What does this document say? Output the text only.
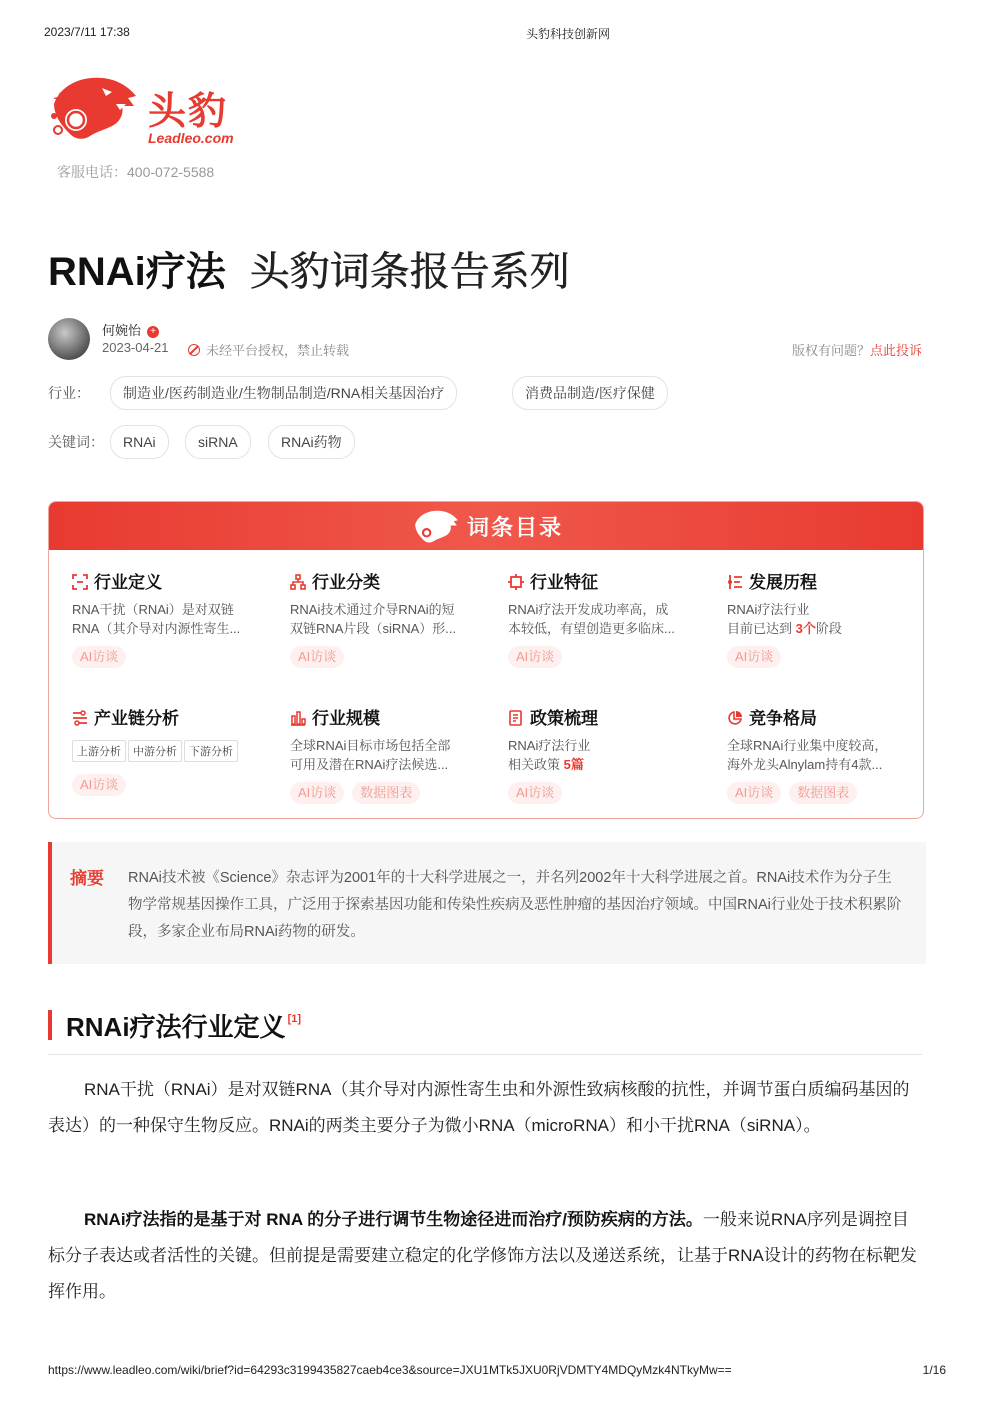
2023/7/11 17:38	头豹科技创新网
头豹
Leadleo.com
客服电话：400-072-5588
RNAi疗法 头豹词条报告系列
何婉怡 +
2023-04-21	未经平台授权，禁止转载	版权有问题？点此投诉
行业：	制造业/医药制造业/生物制品制造/RNA相关基因治疗	消费品制造/医疗保健
关键词：	RNAi	siRNA	RNAi药物
词条目录
行业定义
RNA干扰（RNAi）是对双链
RNA（其介导对内源性寄生...
AI访谈
行业分类
RNAi技术通过介导RNAi的短
双链RNA片段（siRNA）形...
AI访谈
行业特征
RNAi疗法开发成功率高，成
本较低，有望创造更多临床...
AI访谈
发展历程
RNAi疗法行业
目前已达到 3个阶段
AI访谈
产业链分析
上游分析 中游分析 下游分析
AI访谈
行业规模
全球RNAi目标市场包括全部
可用及潜在RNAi疗法候选...
AI访谈 数据图表
政策梳理
RNAi疗法行业
相关政策 5篇
AI访谈
竞争格局
全球RNAi行业集中度较高，
海外龙头Alnylam持有4款...
AI访谈 数据图表
摘要 RNAi技术被《Science》杂志评为2001年的十大科学进展之一，并名列2002年十大科学进展之首。RNAi技术作为分子生物学常规基因操作工具，广泛用于探索基因功能和传染性疾病及恶性肿瘤的基因治疗领域。中国RNAi行业处于技术积累阶段，多家企业布局RNAi药物的研发。
RNAi疗法行业定义 [1]
RNA干扰（RNAi）是对双链RNA（其介导对内源性寄生虫和外源性致病核酸的抗性，并调节蛋白质编码基因的表达）的一种保守生物反应。RNAi的两类主要分子为微小RNA（microRNA）和小干扰RNA（siRNA）。
RNAi疗法指的是基于对 RNA 的分子进行调节生物途径进而治疗/预防疾病的方法。一般来说RNA序列是调控目标分子表达或者活性的关键。但前提是需要建立稳定的化学修饰方法以及递送系统，让基于RNA设计的药物在标靶发挥作用。
https://www.leadleo.com/wiki/brief?id=64293c3199435827caeb4ce3&source=JXU1MTk5JXU0RjVDMTY4MDQyMzk4NTkyMw==	1/16
